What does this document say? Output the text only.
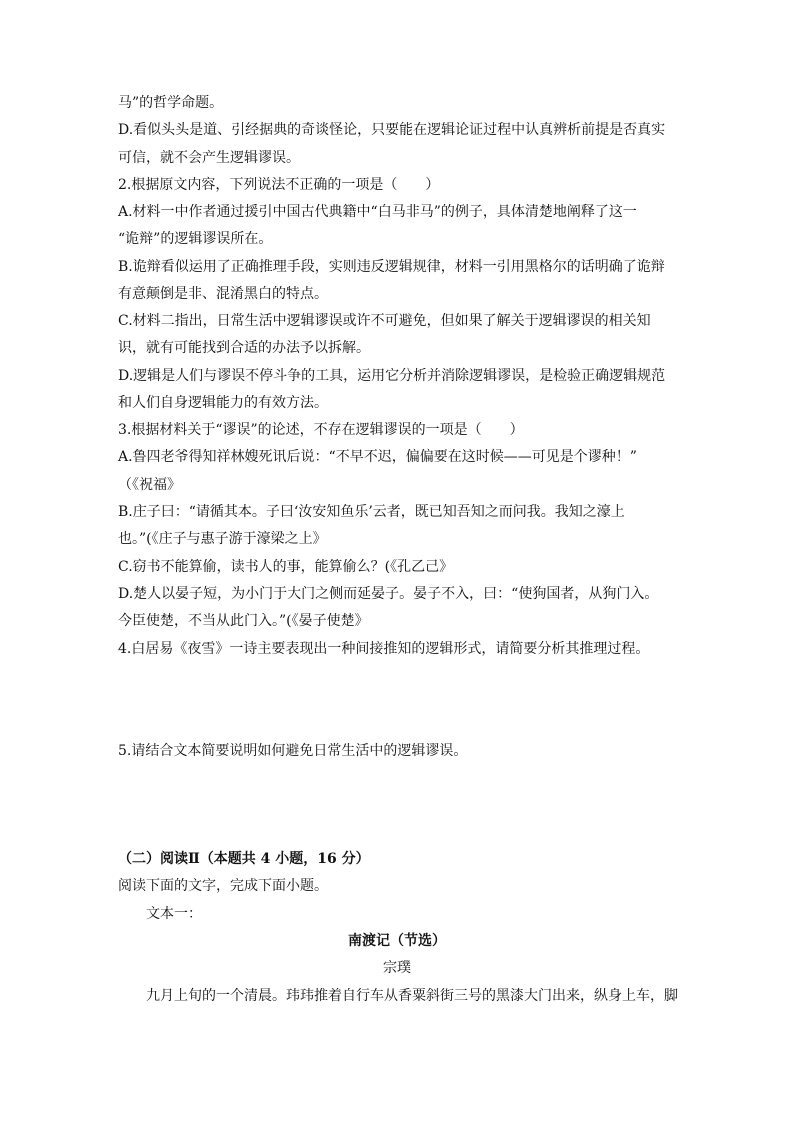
马”的哲学命题。
D.看似头头是道、引经据典的奇谈怪论，只要能在逻辑论证过程中认真辨析前提是否真实
可信，就不会产生逻辑谬误。
2.根据原文内容，下列说法不正确的一项是（　　）
A.材料一中作者通过援引中国古代典籍中“白马非马”的例子，具体清楚地阐释了这一
“诡辩”的逻辑谬误所在。
B.诡辩看似运用了正确推理手段，实则违反逻辑规律，材料一引用黑格尔的话明确了诡辩
有意颠倒是非、混淆黑白的特点。
C.材料二指出，日常生活中逻辑谬误或许不可避免，但如果了解关于逻辑谬误的相关知
识，就有可能找到合适的办法予以拆解。
D.逻辑是人们与谬误不停斗争的工具，运用它分析并消除逻辑谬误，是检验正确逻辑规范
和人们自身逻辑能力的有效方法。
3.根据材料关于“谬误”的论述，不存在逻辑谬误的一项是（　　）
A.鲁四老爷得知祥林嫂死讯后说：“不早不迟，偏偏要在这时候——可见是个谬种！”
（《祝福》
B.庄子曰：“请循其本。子曰‘汝安知鱼乐’云者，既已知吾知之而问我。我知之濠上
也。”(《庄子与惠子游于濠梁之上》
C.窃书不能算偷，读书人的事，能算偷么？(《孔乙己》
D.楚人以晏子短，为小门于大门之侧而延晏子。晏子不入，曰：“使狗国者，从狗门入。
今臣使楚，不当从此门入。”(《晏子使楚》
4.白居易《夜雪》一诗主要表现出一种间接推知的逻辑形式，请简要分析其推理过程。
5.请结合文本简要说明如何避免日常生活中的逻辑谬误。
（二）阅读Ⅱ（本题共 4 小题，16 分）
阅读下面的文字，完成下面小题。
文本一：
南渡记（节选）
宗璞
九月上旬的一个清晨。玮玮推着自行车从香粟斜街三号的黑漆大门出来，纵身上车，脚
